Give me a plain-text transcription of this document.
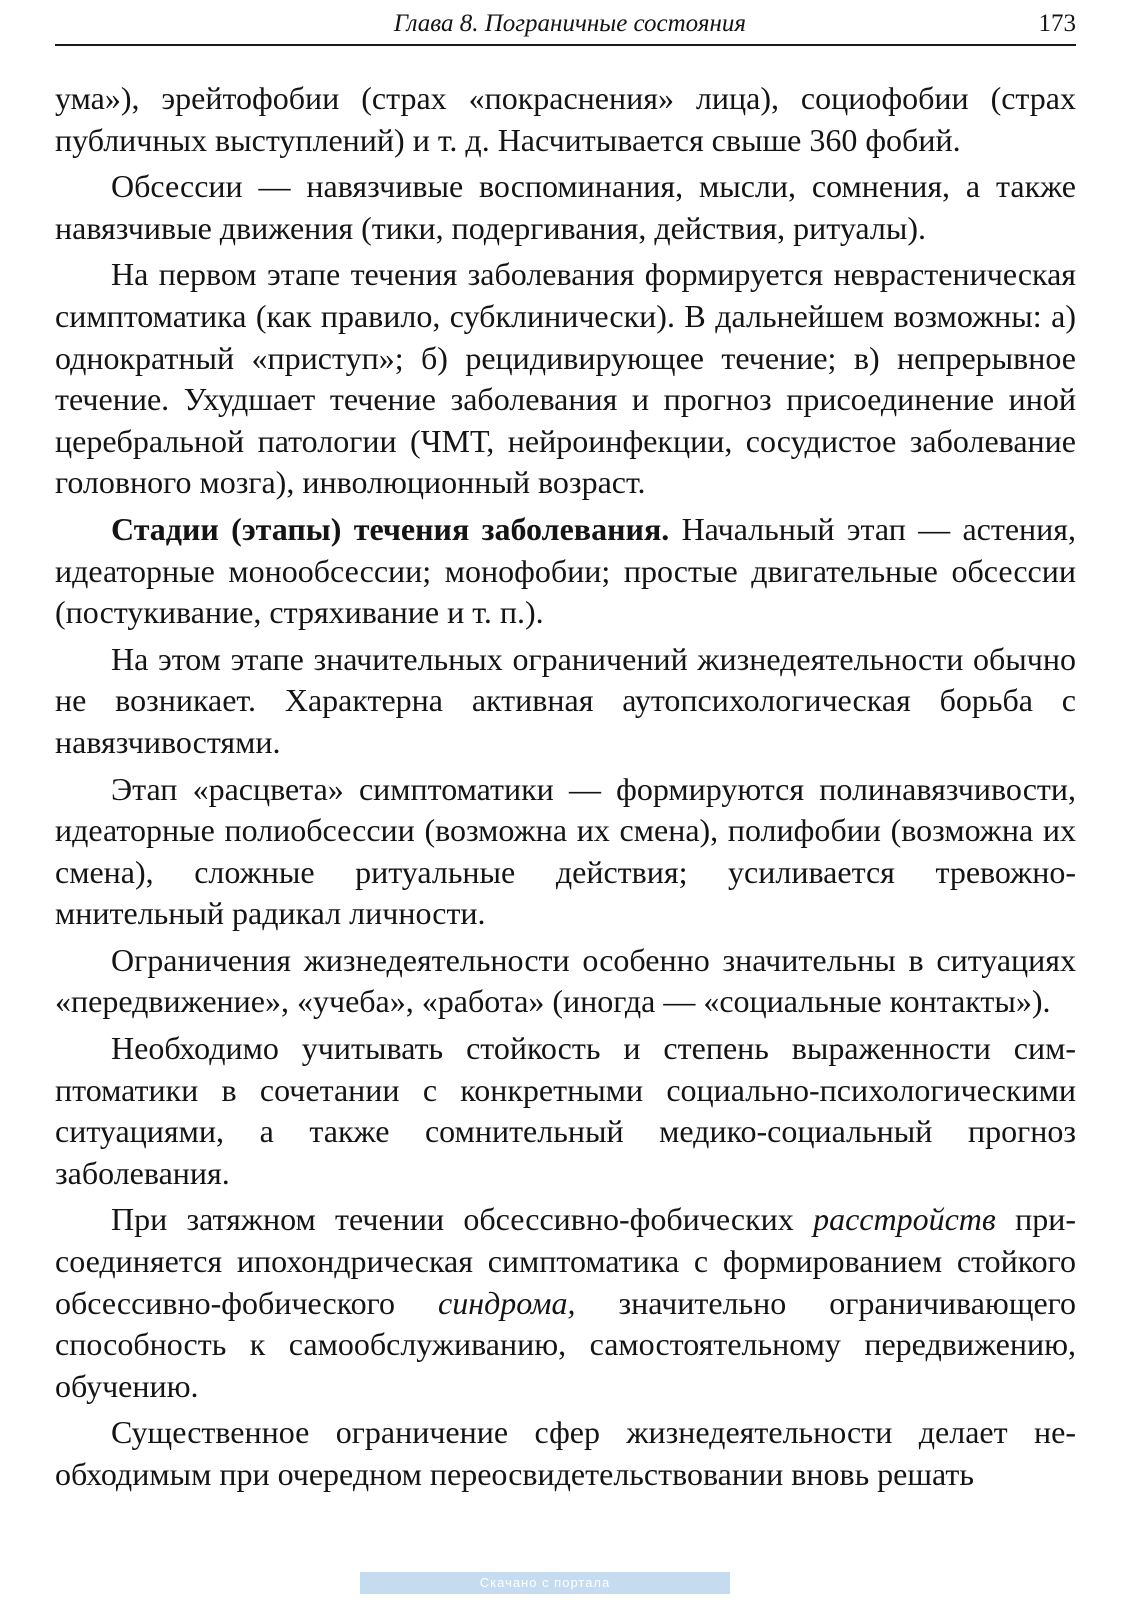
Глава 8. Пограничные состояния	173

ума»), эрейтофобии (страх «покраснения» лица), социофобии (страх публичных выступлений) и т. д. Насчитывается свыше 360 фобий.

Обсессии — навязчивые воспоминания, мысли, сомнения, а также навязчивые движения (тики, подергивания, действия, ритуалы).

На первом этапе течения заболевания формируется неврастеническая симптоматика (как правило, субклинически). В дальнейшем возможны: а) однократный «приступ»; б) рецидивирующее течение; в) непрерывное течение. Ухудшает течение заболевания и прогноз присоединение иной церебральной патологии (ЧМТ, нейроинфекции, сосудистое заболевание головного мозга), инволюционный возраст.

Стадии (этапы) течения заболевания. Начальный этап — астения, идеаторные монообсессии; монофобии; простые двигательные обсессии (постукивание, стряхивание и т. п.).

На этом этапе значительных ограничений жизнедеятельности обычно не возникает. Характерна активная аутопсихологическая борьба с навязчивостями.

Этап «расцвета» симптоматики — формируются полинавязчивости, идеаторные полиобсессии (возможна их смена), полифобии (возможна их смена), сложные ритуальные действия; усиливается тревожно-мнительный радикал личности.

Ограничения жизнедеятельности особенно значительны в ситуациях «передвижение», «учеба», «работа» (иногда — «социальные контакты»).

Необходимо учитывать стойкость и степень выраженности симптоматики в сочетании с конкретными социально-психологическими ситуациями, а также сомнительный медико-социальный прогноз заболевания.

При затяжном течении обсессивно-фобических расстройств присоединяется ипохондрическая симптоматика с формированием стойкого обсессивно-фобического синдрома, значительно ограничивающего способность к самообслуживанию, самостоятельному передвижению, обучению.

Существенное ограничение сфер жизнедеятельности делает необходимым при очередном переосвидетельствовании вновь решать

Скачано с портала
